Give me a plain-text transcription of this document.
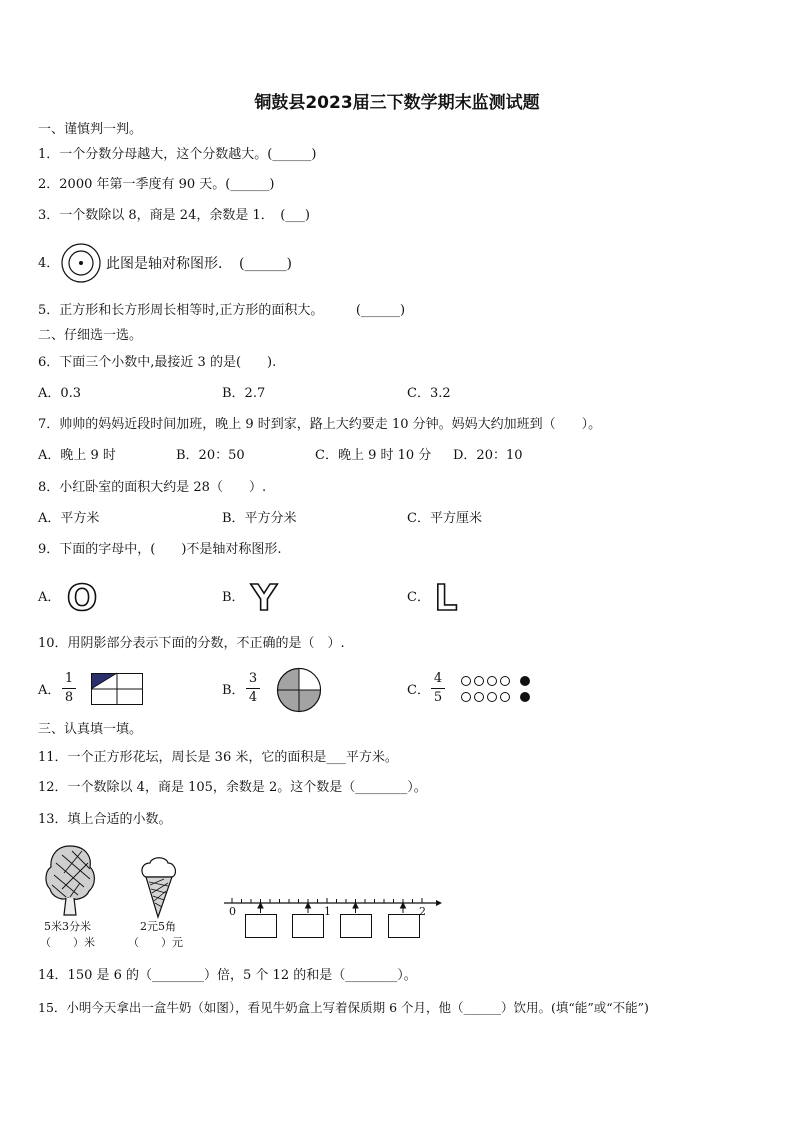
铜鼓县2023届三下数学期末监测试题
一、谨慎判一判。
1．一个分数分母越大，这个分数越大。(______)
2．2000 年第一季度有 90 天。(______)
3．一个数除以 8，商是 24，余数是 1．　(___)
4．	此图是轴对称图形．　(______)
5．正方形和长方形周长相等时,正方形的面积大。　　　(______)
二、仔细选一选。
6．下面三个小数中,最接近 3 的是(　　).
A．0.3	B．2.7	C．3.2
7．帅帅的妈妈近段时间加班，晚上 9 时到家，路上大约要走 10 分钟。妈妈大约加班到（　　）。
A．晚上 9 时	B．20：50	C．晚上 9 时 10 分 D．20：10
8．小红卧室的面积大约是 28（　　）.
A．平方米	B．平方分米	C．平方厘米
9．下面的字母中，(　　)不是轴对称图形.
A． O	B． Y	C． L
10．用阴影部分表示下面的分数，不正确的是（　）.
A．
1
8	B．
3
4	C．
4
5
三、认真填一填。
11．一个正方形花坛，周长是 36 米，它的面积是___平方米。
12．一个数除以 4，商是 105，余数是 2。这个数是（________）。
13．填上合适的小数。
5米3分米
（　　）米
2元5角
（　　）元
0	1	2
14．150 是 6 的（________）倍，5 个 12 的和是（________）。
15．小明今天拿出一盒牛奶（如图），看见牛奶盒上写着保质期 6 个月，他（______）饮用。(填“能”或“不能”)
